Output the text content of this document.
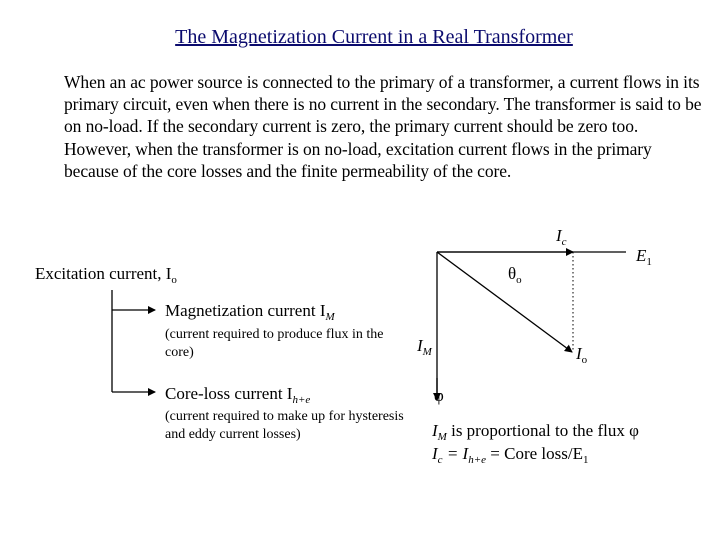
The Magnetization Current in a Real Transformer
When an ac power source is connected to the primary of a transformer, a current flows in its primary circuit, even when there is no current in the secondary. The transformer is said to be on no-load. If the secondary current is zero, the primary current should be zero too. However, when the transformer is on no-load, excitation current flows in the primary because of the core losses and the finite permeability of the core.
Excitation current, $I_o$
Magnetization current $I_M$
(current required to produce flux in the core)
Core-loss current $I_{h+e}$
(current required to make up for hysteresis and eddy current losses)
$I_c$
$E_1$
$\theta_o$
$I_M$	$I_o$
φ
$I_M$ is proportional to the flux φ
$I_c = I_{h+e}$ = Core loss/$E_1$
